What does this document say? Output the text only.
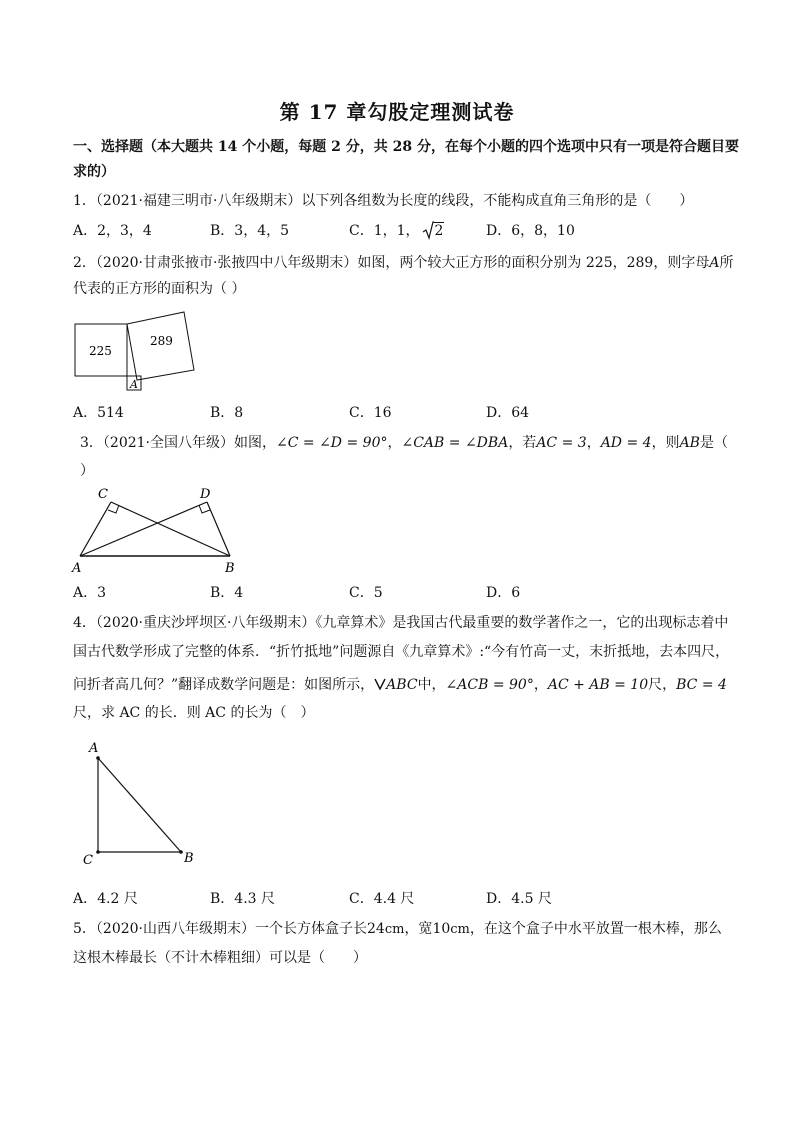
第 17 章勾股定理测试卷
一、选择题（本大题共 14 个小题，每题 2 分，共 28 分，在每个小题的四个选项中只有一项是符合题目要
求的）
1．（2021·福建三明市·八年级期末）以下列各组数为长度的线段，不能构成直角三角形的是（　　）
A．2，3，4	B．3，4，5	C．1，1， 2	D．6，8，10
2．（2020·甘肃张掖市·张掖四中八年级期末）如图，两个较大正方形的面积分别为 225，289，则字母A所
代表的正方形的面积为（ ）
225
289
A
A．514	B．8	C．16	D．64
3．（2021·全国八年级）如图，∠C = ∠D = 90°，∠CAB = ∠DBA，若AC = 3，AD = 4，则AB是（
）
C	D
A	B
A．3	B．4	C．5	D．6
4．（2020·重庆沙坪坝区·八年级期末）《九章算术》是我国古代最重要的数学著作之一，它的出现标志着中
国古代数学形成了完整的体系．“折竹抵地”问题源自《九章算术》:“今有竹高一丈，末折抵地，去本四尺，
问折者高几何？”翻译成数学问题是：如图所示， ABC中，∠ACB = 90°，AC + AB = 10尺，BC = 4
尺，求 AC 的长．则 AC 的长为（　）
A
C	B
A．4.2 尺	B．4.3 尺	C．4.4 尺	D．4.5 尺
5．（2020·山西八年级期末）一个长方体盒子长24cm，宽10cm，在这个盒子中水平放置一根木棒，那么
这根木棒最长（不计木棒粗细）可以是（　　）
